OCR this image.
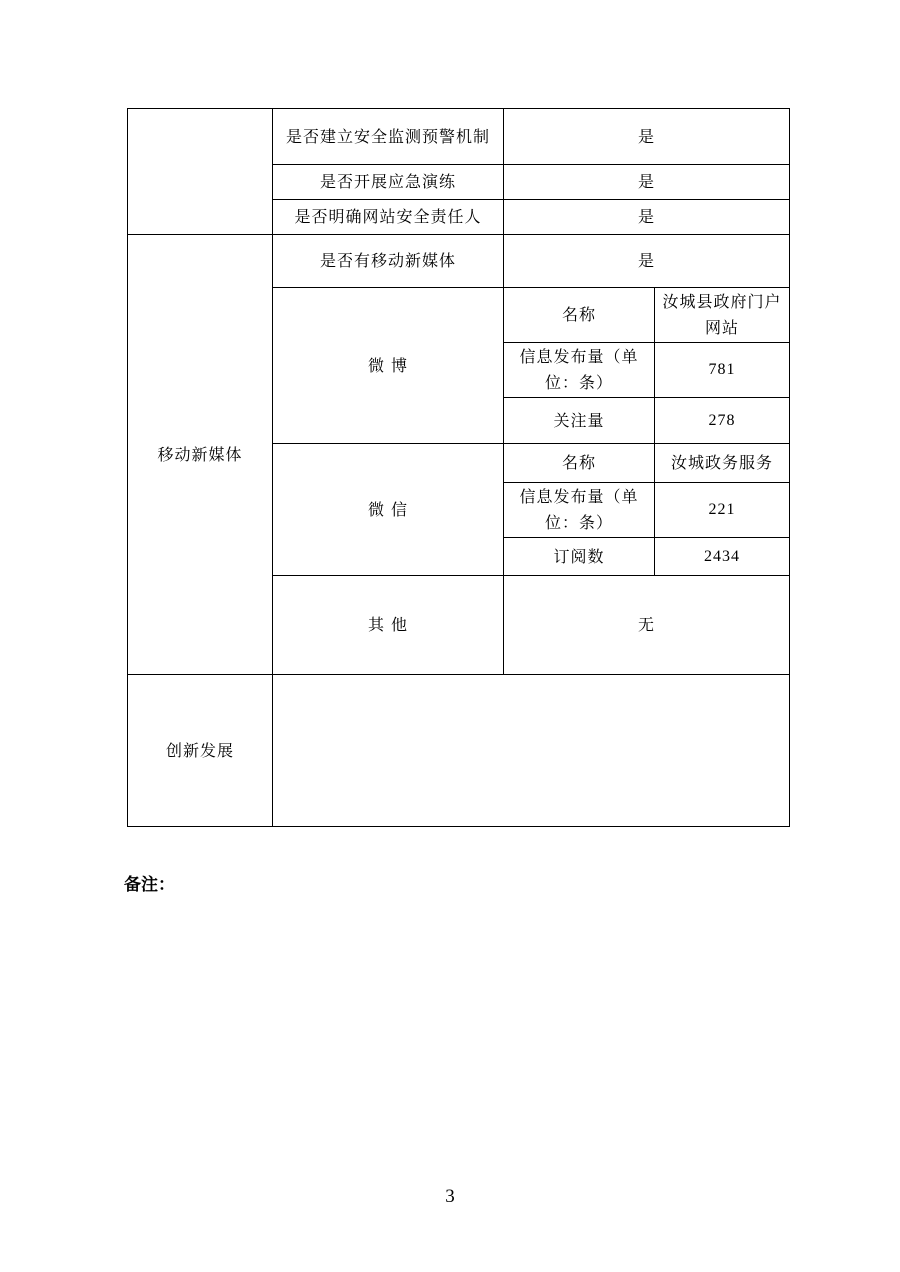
	是否建立安全监测预警机制	是	
	是否开展应急演练	是	
	是否明确网站安全责任人	是	
移动新媒体	是否有移动新媒体	是	
	微 博	名称	汝城县政府门户网站
		信息发布量（单位：条）	781
		关注量	278
	微 信	名称	汝城政务服务
		信息发布量（单位：条）	221
		订阅数	2434
	其 他	无	
创新发展			
备注：
3
